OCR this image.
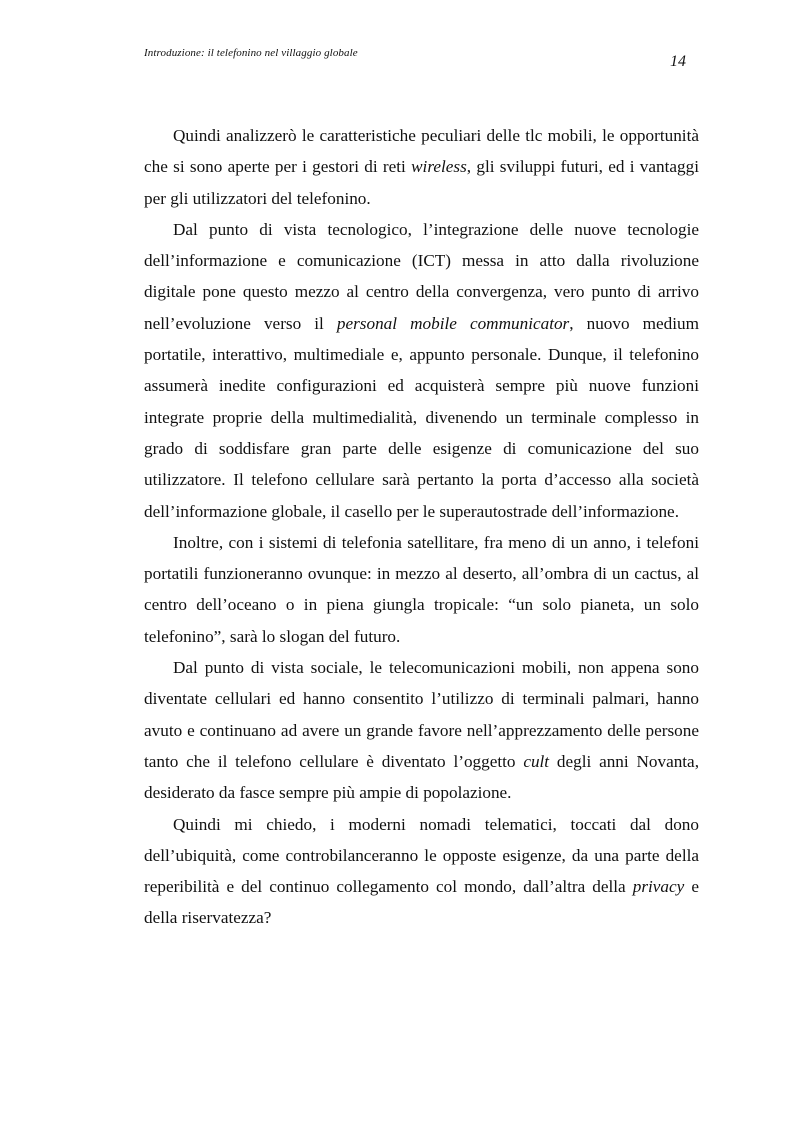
Introduzione: il telefonino nel villaggio globale	14

Quindi analizzerò le caratteristiche peculiari delle tlc mobili, le opportunità che si sono aperte per i gestori di reti wireless, gli sviluppi futuri, ed i vantaggi per gli utilizzatori del telefonino.

Dal punto di vista tecnologico, l’integrazione delle nuove tecnologie dell’informazione e comunicazione (ICT) messa in atto dalla rivoluzione digitale pone questo mezzo al centro della convergenza, vero punto di arrivo nell’evoluzione verso il personal mobile communicator, nuovo medium portatile, interattivo, multimediale e, appunto personale. Dunque, il telefonino assumerà inedite configurazioni ed acquisterà sempre più nuove funzioni integrate proprie della multimedialità, divenendo un terminale complesso in grado di soddisfare gran parte delle esigenze di comunicazione del suo utilizzatore. Il telefono cellulare sarà pertanto la porta d’accesso alla società dell’informazione globale, il casello per le superautostrade dell’informazione.

Inoltre, con i sistemi di telefonia satellitare, fra meno di un anno, i telefoni portatili funzioneranno ovunque: in mezzo al deserto, all’ombra di un cactus, al centro dell’oceano o in piena giungla tropicale: “un solo pianeta, un solo telefonino”, sarà lo slogan del futuro.

Dal punto di vista sociale, le telecomunicazioni mobili, non appena sono diventate cellulari ed hanno consentito l’utilizzo di terminali palmari, hanno avuto e continuano ad avere un grande favore nell’apprezzamento delle persone tanto che il telefono cellulare è diventato l’oggetto cult degli anni Novanta, desiderato da fasce sempre più ampie di popolazione.

Quindi mi chiedo, i moderni nomadi telematici, toccati dal dono dell’ubiquità, come controbilanceranno le opposte esigenze, da una parte della reperibilità e del continuo collegamento col mondo, dall’altra della privacy e della riservatezza?
